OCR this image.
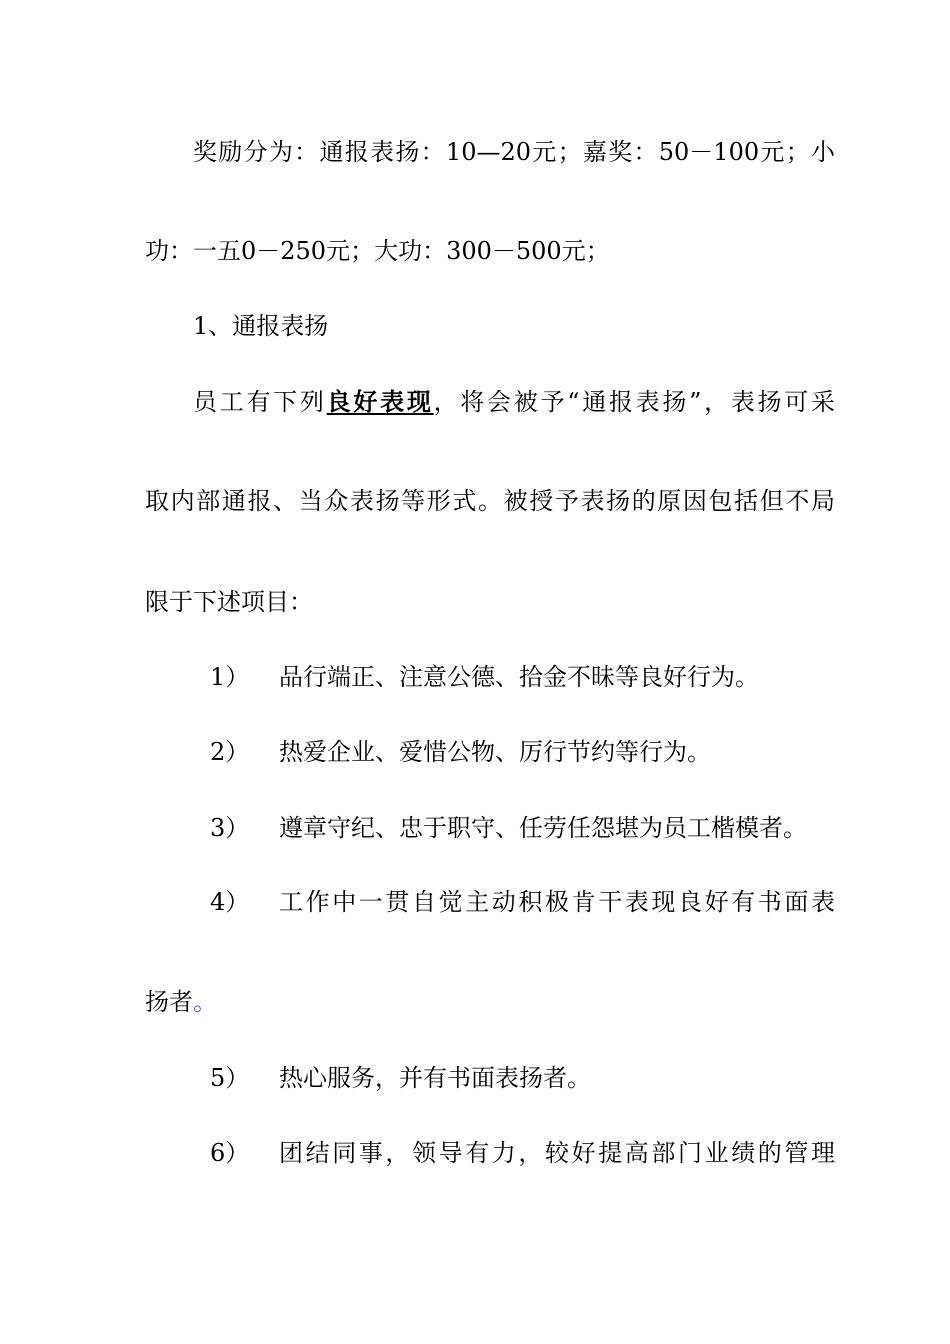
奖励分为：通报表扬：10—20元；嘉奖：50－100元；小
功：一五0－250元；大功：300－500元；
1、通报表扬
员工有下列良好表现，将会被予“通报表扬”，表扬可采
取内部通报、当众表扬等形式。被授予表扬的原因包括但不局
限于下述项目：
1） 品行端正、注意公德、拾金不昧等良好行为。
2） 热爱企业、爱惜公物、厉行节约等行为。
3） 遵章守纪、忠于职守、任劳任怨堪为员工楷模者。
4） 工作中一贯自觉主动积极肯干表现良好有书面表
扬者。
5） 热心服务，并有书面表扬者。
6） 团结同事，领导有力，较好提高部门业绩的管理
